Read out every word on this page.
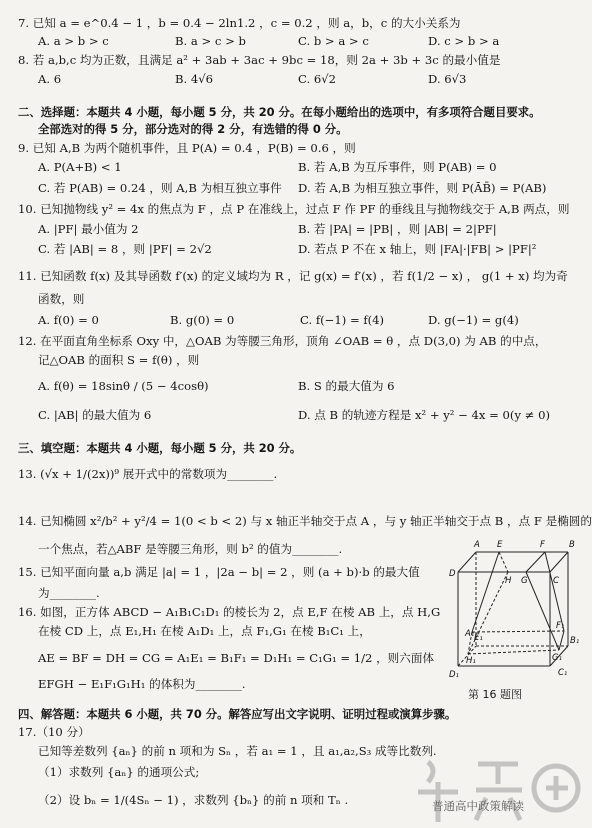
7. 已知 a = e^0.4 − 1 ，b = 0.4 − 2ln1.2 ，c = 0.2 ，则 a，b，c 的大小关系为
A. a > b > c	B. a > c > b	C. b > a > c	D. c > b > a
8. 若 a,b,c 均为正数，且满足 a² + 3ab + 3ac + 9bc = 18，则 2a + 3b + 3c 的最小值是
A. 6	B. 4√6	C. 6√2	D. 6√3
二、选择题：本题共 4 小题，每小题 5 分，共 20 分。在每小题给出的选项中，有多项符合题目要求。
全部选对的得 5 分，部分选对的得 2 分，有选错的得 0 分。
9. 已知 A,B 为两个随机事件，且 P(A) = 0.4 ，P(B) = 0.6 ，则
A. P(A+B) < 1	B. 若 A,B 为互斥事件，则 P(AB) = 0
C. 若 P(AB) = 0.24 ，则 A,B 为相互独立事件 D. 若 A,B 为相互独立事件，则 P(ĀB̄) = P(AB)
10. 已知抛物线 y² = 4x 的焦点为 F ，点 P 在准线上，过点 F 作 PF 的垂线且与抛物线交于 A,B 两点，则
A. |PF| 最小值为 2	B. 若 |PA| = |PB| ，则 |AB| = 2|PF|
C. 若 |AB| = 8 ，则 |PF| = 2√2	D. 若点 P 不在 x 轴上，则 |FA|·|FB| > |PF|²
11. 已知函数 f(x) 及其导函数 f′(x) 的定义域均为 R ，记 g(x) = f′(x) ，若 f(1/2 − x) ， g(1 + x) 均为奇
函数，则
A. f(0) = 0	B. g(0) = 0	C. f(−1) = f(4)	D. g(−1) = g(4)
12. 在平面直角坐标系 Oxy 中，△OAB 为等腰三角形，顶角 ∠OAB = θ ，点 D(3,0) 为 AB 的中点，
记△OAB 的面积 S = f(θ) ，则
A. f(θ) = 18sinθ / (5 − 4cosθ)	B. S 的最大值为 6
C. |AB| 的最大值为 6	D. 点 B 的轨迹方程是 x² + y² − 4x = 0(y ≠ 0)
三、填空题：本题共 4 小题，每小题 5 分，共 20 分。
13. (√x + 1/(2x))⁹ 展开式中的常数项为________.
14. 已知椭圆 x²/b² + y²/4 = 1(0 < b < 2) 与 x 轴正半轴交于点 A ，与 y 轴正半轴交于点 B ，点 F 是椭圆的
一个焦点，若△ABF 是等腰三角形，则 b² 的值为________.
15. 已知平面向量 a,b 满足 |a| = 1 ，|2a − b| = 2 ，则 (a + b)·b 的最大值
为________.
16. 如图，正方体 ABCD − A₁B₁C₁D₁ 的棱长为 2，点 E,F 在棱 AB 上，点 H,G
在棱 CD 上，点 E₁,H₁ 在棱 A₁D₁ 上，点 F₁,G₁ 在棱 B₁C₁ 上，
AE = BF = DH = CG = A₁E₁ = B₁F₁ = D₁H₁ = C₁G₁ = 1/2 ，则六面体
EFGH − E₁F₁G₁H₁ 的体积为________.
四、解答题：本题共 6 小题，共 70 分。解答应写出文字说明、证明过程或演算步骤。
17.（10 分）
已知等差数列 {aₙ} 的前 n 项和为 Sₙ ，若 a₁ = 1 ，且 a₁,a₂,S₃ 成等比数列.
（1）求数列 {aₙ} 的通项公式;
（2）设 bₙ = 1/(4Sₙ − 1) ，求数列 {bₙ} 的前 n 项和 Tₙ .
A E	F	B
D
H G	C
A₁ E₁
F₁
B₁
D₁
H₁	G₁
C₁
第 16 题图
普通高中政策解读
